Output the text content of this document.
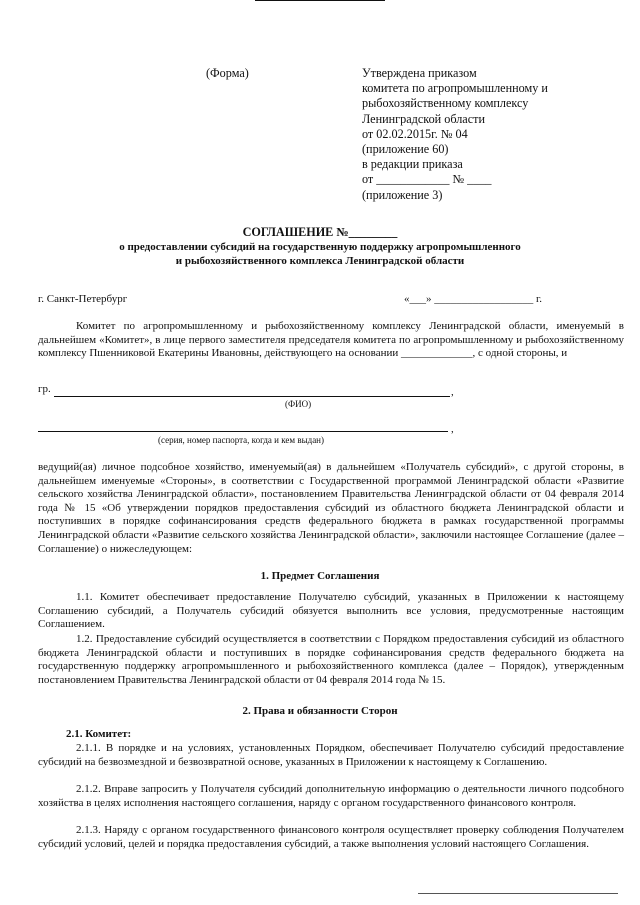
(Форма)	Утверждена приказом
комитета по агропромышленному и
рыбохозяйственному комплексу
Ленинградской области
от 02.02.2015г. № 04
(приложение 60)
в редакции приказа
от ____________ № ____
(приложение 3)
СОГЛАШЕНИЕ №________
о предоставлении субсидий на государственную поддержку агропромышленного
и рыбохозяйственного комплекса Ленинградской области
г. Санкт-Петербург	«___» __________________ г.
Комитет по агропромышленному и рыбохозяйственному комплексу Ленинградской области, именуемый в дальнейшем «Комитет», в лице первого заместителя председателя комитета по агропромышленному и рыбохозяйственному комплексу Пшенниковой Екатерины Ивановны, действующего на основании _____________, с одной стороны, и
гр.	,
(ФИО)
,
(серия, номер паспорта, когда и кем выдан)
ведущий(ая) личное подсобное хозяйство, именуемый(ая) в дальнейшем «Получатель субсидий», с другой стороны, в дальнейшем именуемые «Стороны», в соответствии с Государственной программой Ленинградской области «Развитие сельского хозяйства Ленинградской области», постановлением Правительства Ленинградской области от 04 февраля 2014 года № 15 «Об утверждении порядков предоставления субсидий из областного бюджета Ленинградской области и поступивших в порядке софинансирования средств федерального бюджета в рамках государственной программы Ленинградской области «Развитие сельского хозяйства Ленинградской области», заключили настоящее Соглашение (далее – Соглашение) о нижеследующем:
1. Предмет Соглашения
1.1. Комитет обеспечивает предоставление Получателю субсидий, указанных в Приложении к настоящему Соглашению субсидий, а Получатель субсидий обязуется выполнить все условия, предусмотренные настоящим Соглашением.
1.2. Предоставление субсидий осуществляется в соответствии с Порядком предоставления субсидий из областного бюджета Ленинградской области и поступивших в порядке софинансирования средств федерального бюджета на государственную поддержку агропромышленного и рыбохозяйственного комплекса (далее – Порядок), утвержденным постановлением Правительства Ленинградской области от 04 февраля 2014 года № 15.
2. Права и обязанности Сторон
2.1. Комитет:
2.1.1. В порядке и на условиях, установленных Порядком, обеспечивает Получателю субсидий предоставление субсидий на безвозмездной и безвозвратной основе, указанных в Приложении к настоящему к Соглашению.
2.1.2. Вправе запросить у Получателя субсидий дополнительную информацию о деятельности личного подсобного хозяйства в целях исполнения настоящего соглашения, наряду с органом государственного финансового контроля.
2.1.3. Наряду с органом государственного финансового контроля осуществляет проверку соблюдения Получателем субсидий условий, целей и порядка предоставления субсидий, а также выполнения условий настоящего Соглашения.
